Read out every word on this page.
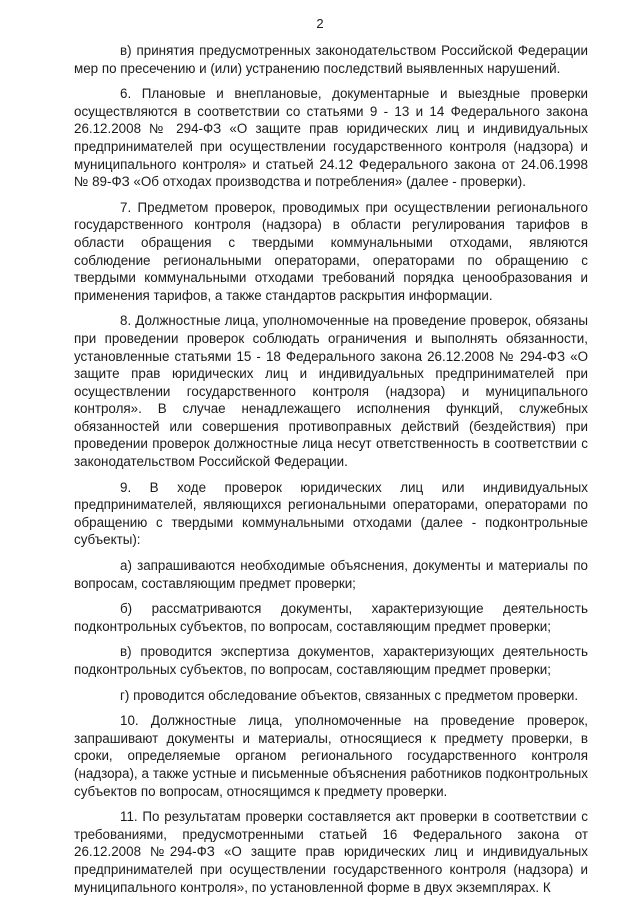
2

в) принятия предусмотренных законодательством Российской Федерации мер по пресечению и (или) устранению последствий выявленных нарушений.

6. Плановые и внеплановые, документарные и выездные проверки осуществляются в соответствии со статьями 9 - 13 и 14 Федерального закона 26.12.2008 № 294-ФЗ «О защите прав юридических лиц и индивидуальных предпринимателей при осуществлении государственного контроля (надзора) и муниципального контроля» и статьей 24.12 Федерального закона от 24.06.1998 № 89-ФЗ «Об отходах производства и потребления» (далее - проверки).

7. Предметом проверок, проводимых при осуществлении регионального государственного контроля (надзора) в области регулирования тарифов в области обращения с твердыми коммунальными отходами, являются соблюдение региональными операторами, операторами по обращению с твердыми коммунальными отходами требований порядка ценообразования и применения тарифов, а также стандартов раскрытия информации.

8. Должностные лица, уполномоченные на проведение проверок, обязаны при проведении проверок соблюдать ограничения и выполнять обязанности, установленные статьями 15 - 18 Федерального закона 26.12.2008 № 294-ФЗ «О защите прав юридических лиц и индивидуальных предпринимателей при осуществлении государственного контроля (надзора) и муниципального контроля». В случае ненадлежащего исполнения функций, служебных обязанностей или совершения противоправных действий (бездействия) при проведении проверок должностные лица несут ответственность в соответствии с законодательством Российской Федерации.

9. В ходе проверок юридических лиц или индивидуальных предпринимателей, являющихся региональными операторами, операторами по обращению с твердыми коммунальными отходами (далее - подконтрольные субъекты):

а) запрашиваются необходимые объяснения, документы и материалы по вопросам, составляющим предмет проверки;

б) рассматриваются документы, характеризующие деятельность подконтрольных субъектов, по вопросам, составляющим предмет проверки;

в) проводится экспертиза документов, характеризующих деятельность подконтрольных субъектов, по вопросам, составляющим предмет проверки;

г) проводится обследование объектов, связанных с предметом проверки.

10. Должностные лица, уполномоченные на проведение проверок, запрашивают документы и материалы, относящиеся к предмету проверки, в сроки, определяемые органом регионального государственного контроля (надзора), а также устные и письменные объяснения работников подконтрольных субъектов по вопросам, относящимся к предмету проверки.

11. По результатам проверки составляется акт проверки в соответствии с требованиями, предусмотренными статьей 16 Федерального закона от 26.12.2008 №294-ФЗ «О защите прав юридических лиц и индивидуальных предпринимателей при осуществлении государственного контроля (надзора) и муниципального контроля», по установленной форме в двух экземплярах. К
